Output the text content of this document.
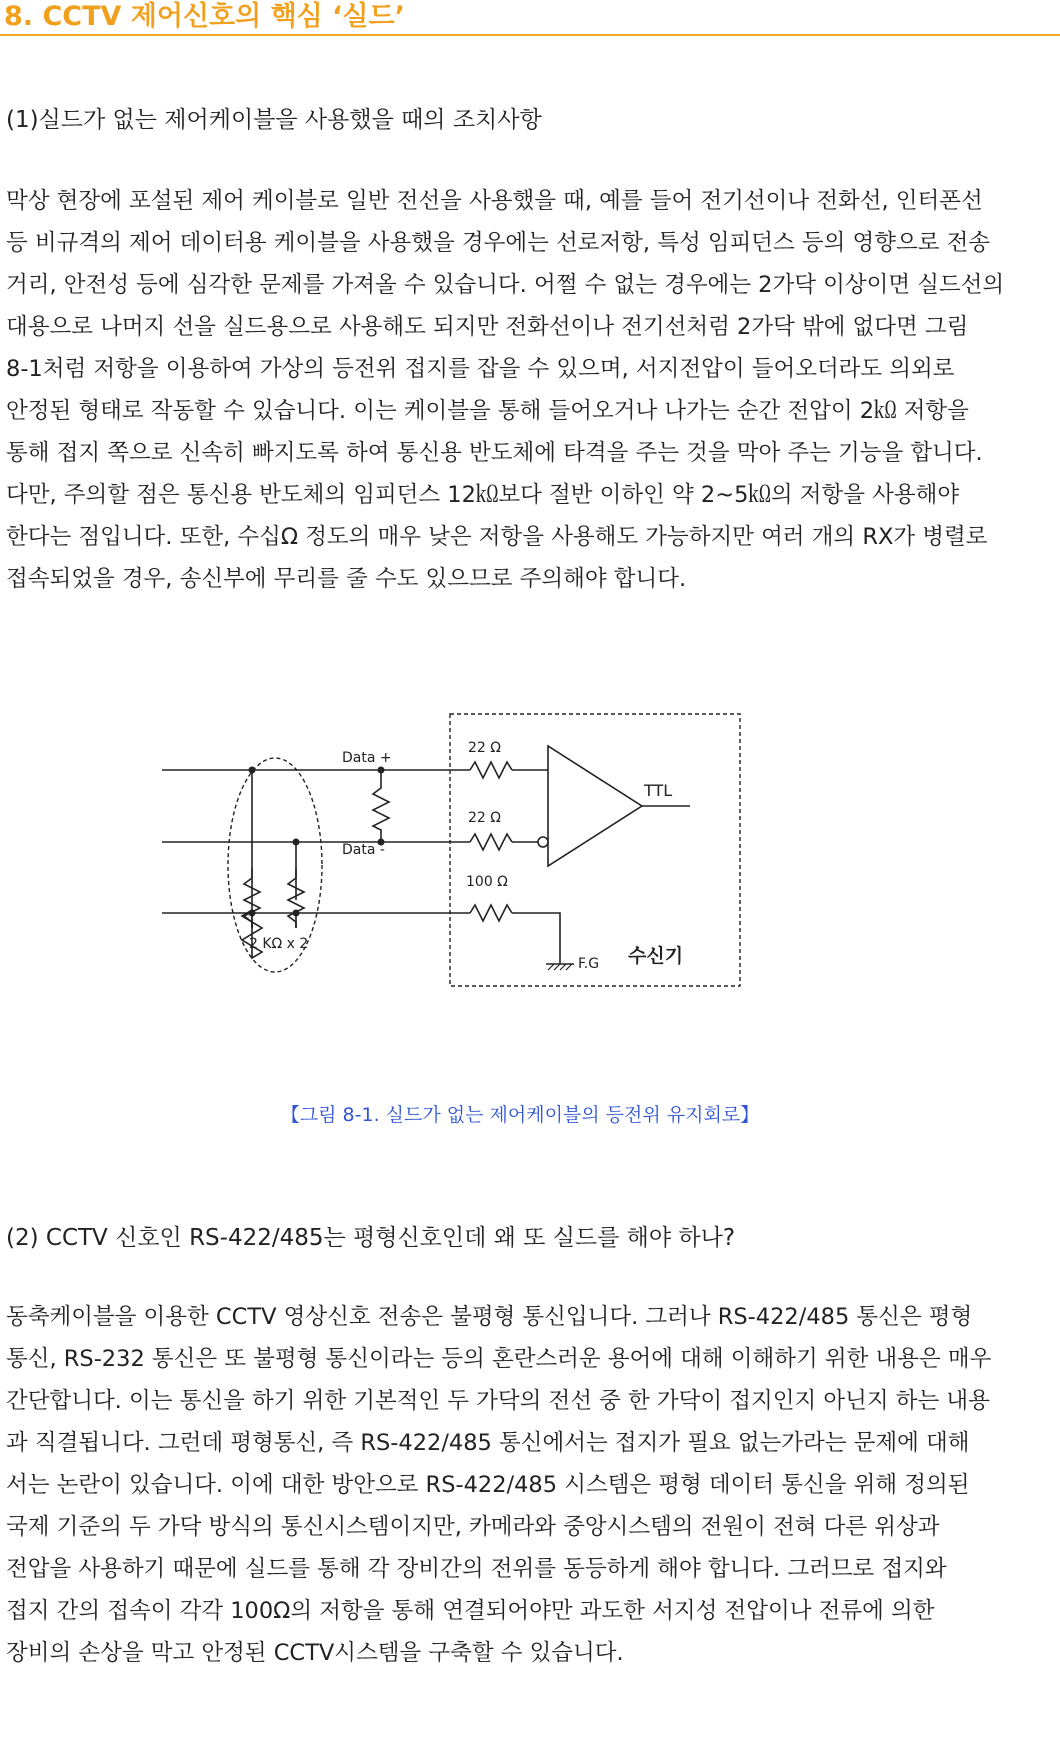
8. CCTV 제어신호의 핵심 ‘실드’
(1)실드가 없는 제어케이블을 사용했을 때의 조치사항
막상 현장에 포설된 제어 케이블로 일반 전선을 사용했을 때, 예를 들어 전기선이나 전화선, 인터폰선
등 비규격의 제어 데이터용 케이블을 사용했을 경우에는 선로저항, 특성 임피던스 등의 영향으로 전송
거리, 안전성 등에 심각한 문제를 가져올 수 있습니다. 어쩔 수 없는 경우에는 2가닥 이상이면 실드선의
대용으로 나머지 선을 실드용으로 사용해도 되지만 전화선이나 전기선처럼 2가닥 밖에 없다면 그림
8-1처럼 저항을 이용하여 가상의 등전위 접지를 잡을 수 있으며, 서지전압이 들어오더라도 의외로
안정된 형태로 작동할 수 있습니다. 이는 케이블을 통해 들어오거나 나가는 순간 전압이 2㏀ 저항을
통해 접지 쪽으로 신속히 빠지도록 하여 통신용 반도체에 타격을 주는 것을 막아 주는 기능을 합니다.
다만, 주의할 점은 통신용 반도체의 임피던스 12㏀보다 절반 이하인 약 2~5㏀의 저항을 사용해야
한다는 점입니다. 또한, 수십Ω 정도의 매우 낮은 저항을 사용해도 가능하지만 여러 개의 RX가 병렬로
접속되었을 경우, 송신부에 무리를 줄 수도 있으므로 주의해야 합니다.
Data +
Data -
22 Ω
22 Ω
100 Ω
2 KΩ x 2
TTL
F.G 수신기
【그림 8-1. 실드가 없는 제어케이블의 등전위 유지회로】
(2) CCTV 신호인 RS-422/485는 평형신호인데 왜 또 실드를 해야 하나?
동축케이블을 이용한 CCTV 영상신호 전송은 불평형 통신입니다. 그러나 RS-422/485 통신은 평형
통신, RS-232 통신은 또 불평형 통신이라는 등의 혼란스러운 용어에 대해 이해하기 위한 내용은 매우
간단합니다. 이는 통신을 하기 위한 기본적인 두 가닥의 전선 중 한 가닥이 접지인지 아닌지 하는 내용
과 직결됩니다. 그런데 평형통신, 즉 RS-422/485 통신에서는 접지가 필요 없는가라는 문제에 대해
서는 논란이 있습니다. 이에 대한 방안으로 RS-422/485 시스템은 평형 데이터 통신을 위해 정의된
국제 기준의 두 가닥 방식의 통신시스템이지만, 카메라와 중앙시스템의 전원이 전혀 다른 위상과
전압을 사용하기 때문에 실드를 통해 각 장비간의 전위를 동등하게 해야 합니다. 그러므로 접지와
접지 간의 접속이 각각 100Ω의 저항을 통해 연결되어야만 과도한 서지성 전압이나 전류에 의한
장비의 손상을 막고 안정된 CCTV시스템을 구축할 수 있습니다.
